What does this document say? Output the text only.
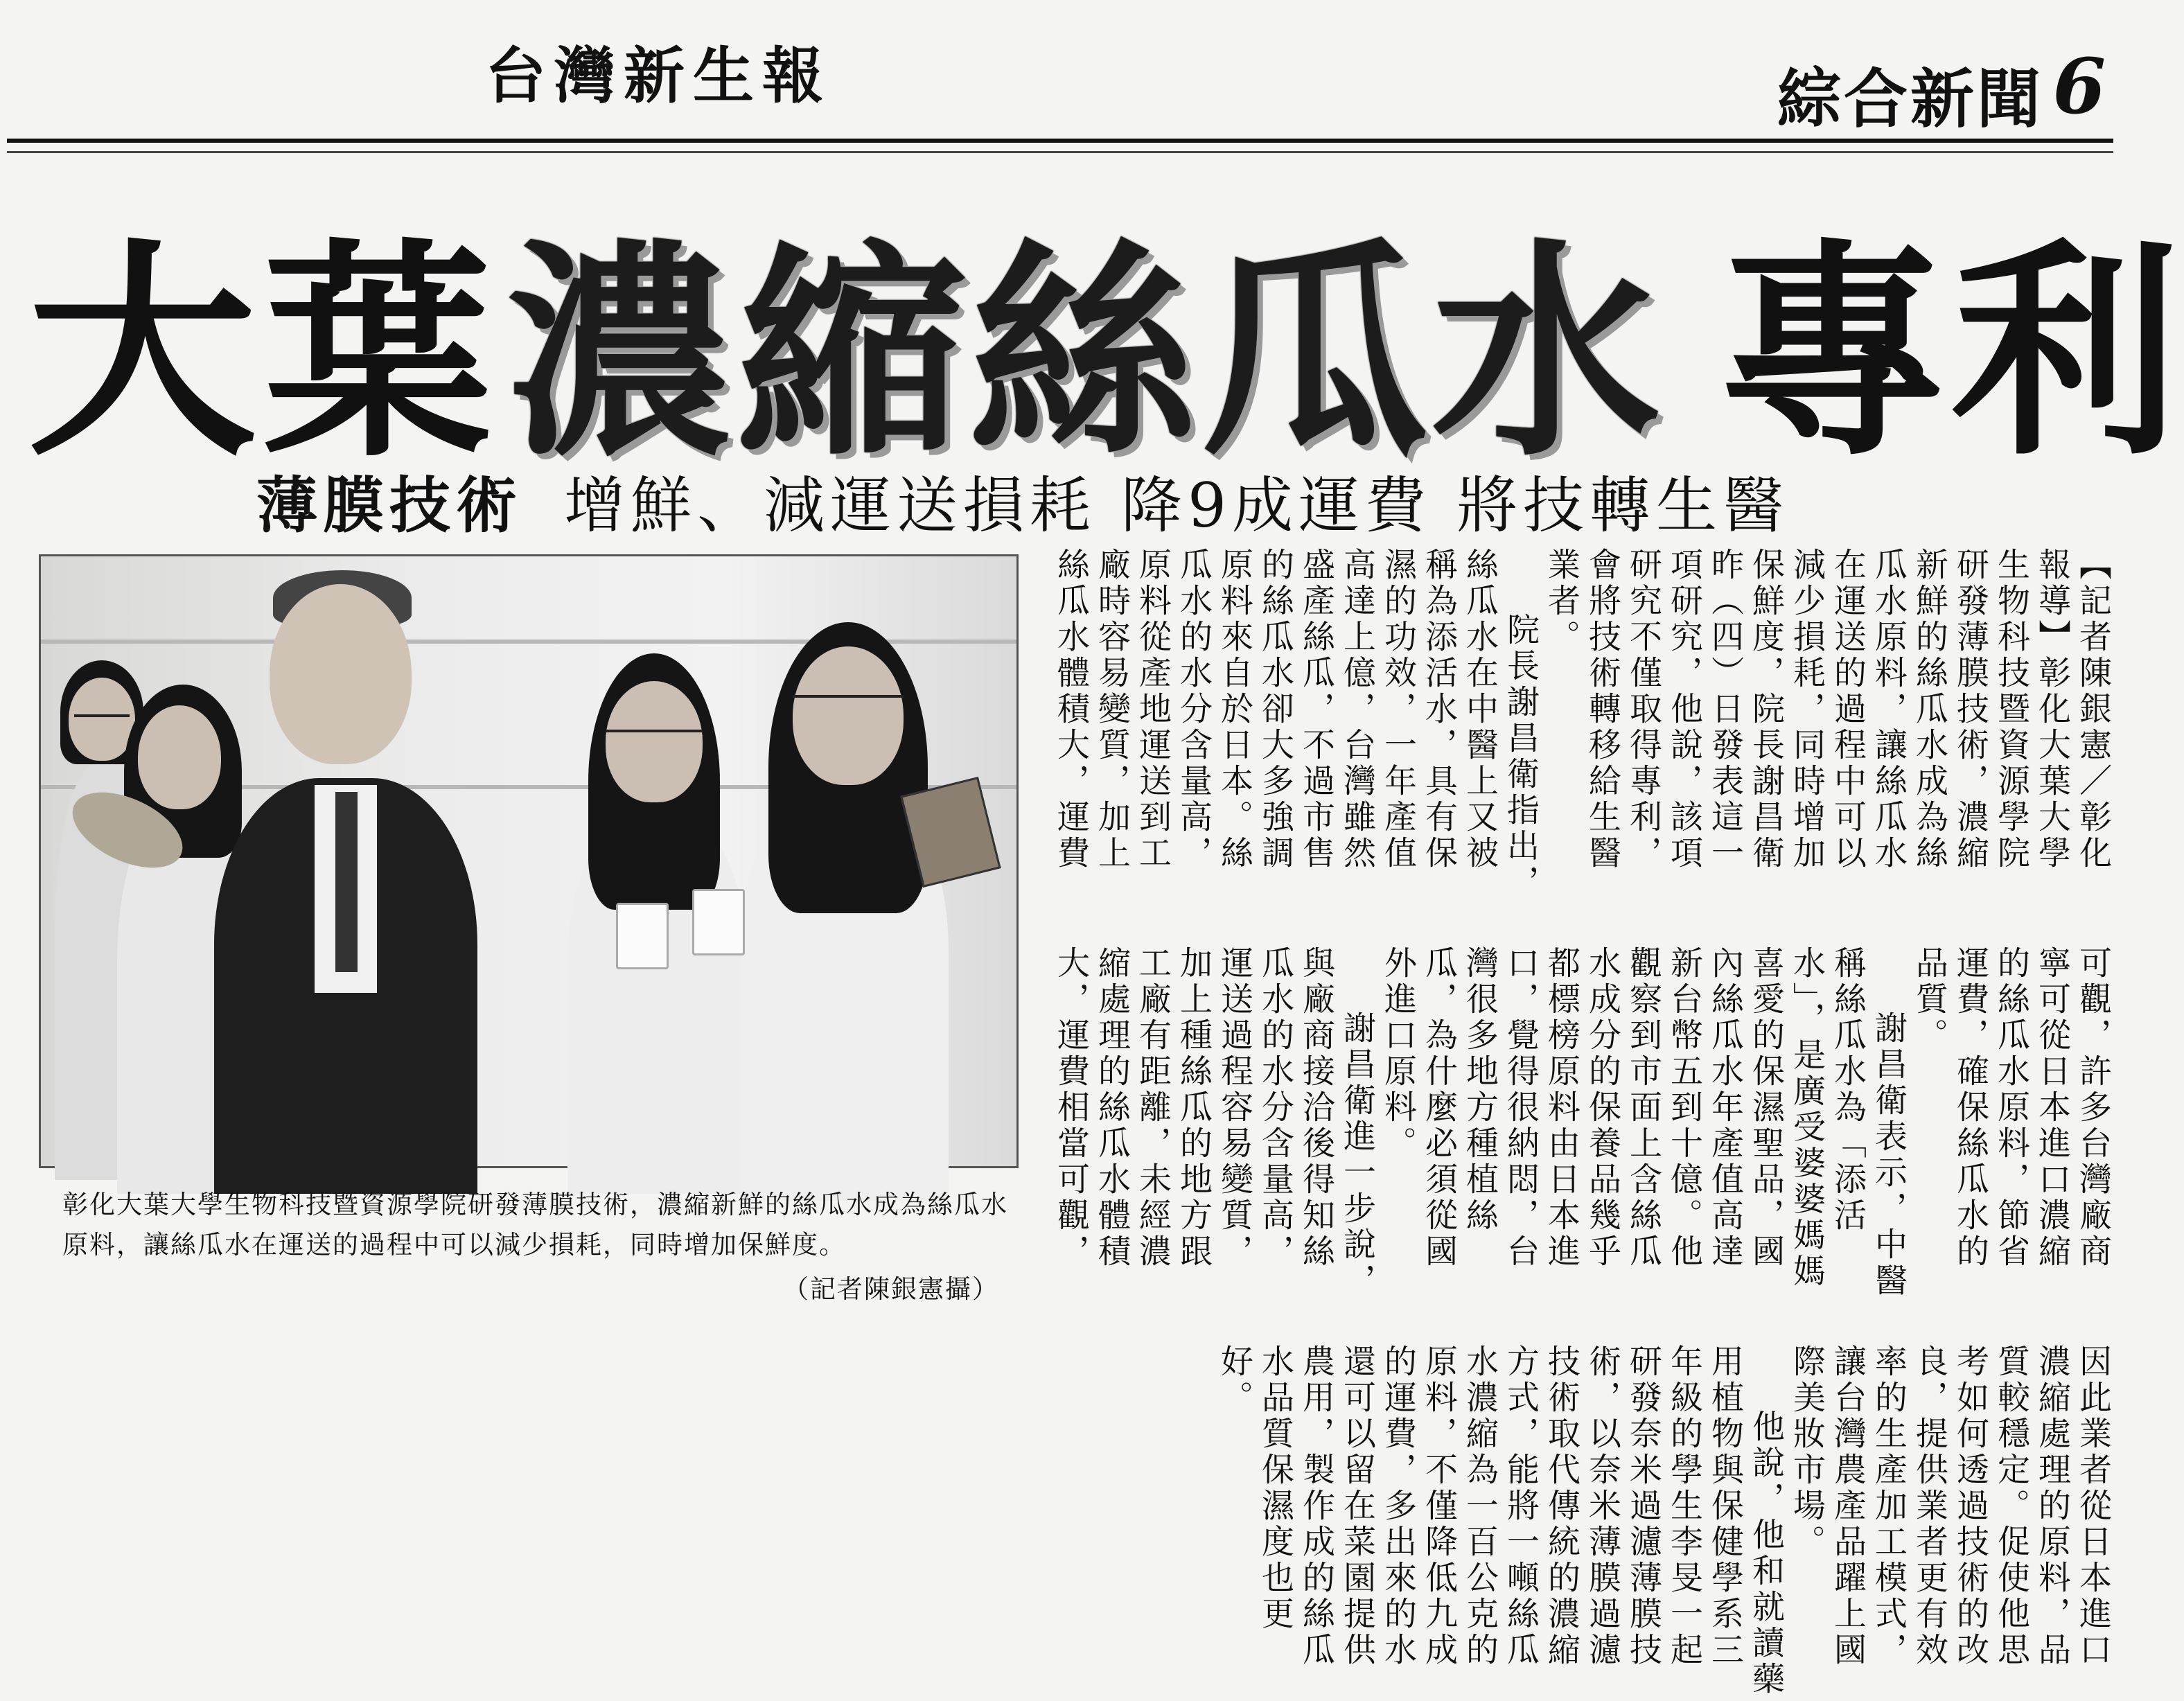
台灣新生報	綜合新聞 6
大葉濃縮絲瓜水 專利
薄膜技術 增鮮、減運送損耗 降9成運費 將技轉生醫
彰化大葉大學生物科技暨資源學院研發薄膜技術，濃縮新鮮的絲瓜水成為絲瓜水原料，讓絲瓜水在運送的過程中可以減少損耗，同時增加保鮮度。
（記者陳銀憲攝）

【記者陳銀憲／彰化報導】彰化大葉大學生物科技暨資源學院研發薄膜技術，濃縮新鮮的絲瓜水成為絲瓜水原料，讓絲瓜水在運送的過程中可以減少損耗，同時增加保鮮度，院長謝昌衛昨（四）日發表這一項研究，他說，該項研究不僅取得專利，會將技術轉移給生醫業者。

院長謝昌衛指出，絲瓜水在中醫上又被稱為添活水，具有保濕的功效，一年產值高達上億，台灣雖然盛產絲瓜，不過市售的絲瓜水卻大多強調原料來自於日本。絲瓜水的水分含量高，原料從產地運送到工廠時容易變質，加上絲瓜水體積大，運費可觀，許多台灣廠商寧可從日本進口濃縮的絲瓜水原料，節省運費，確保絲瓜水的品質。

謝昌衛表示，中醫稱絲瓜水為「添活水」，是廣受婆婆媽媽喜愛的保濕聖品，國內絲瓜水年產值高達新台幣五到十億。他觀察到市面上含絲瓜水成分的保養品幾乎都標榜原料由日本進口，覺得很納悶，台灣很多地方種植絲瓜，為什麼必須從國外進口原料。

謝昌衛進一步說，與廠商接洽後得知絲瓜水的水分含量高，運送過程容易變質，加上種絲瓜的地方跟工廠有距離，未經濃縮處理的絲瓜水體積大，運費相當可觀，因此業者從日本進口濃縮處理的原料，品質較穩定。促使他思考如何透過技術的改良，提供業者更有效率的生產加工模式，讓台灣農產品躍上國際美妝市場。

他說，他和就讀藥用植物與保健學系三年級的學生李旻一起研發奈米過濾薄膜技術，以奈米薄膜過濾技術取代傳統的濃縮方式，能將一噸絲瓜水濃縮為一百公克的原料，不僅降低九成的運費，多出來的水還可以留在菜園提供農用，製作成的絲瓜水品質保濕度也更好。
